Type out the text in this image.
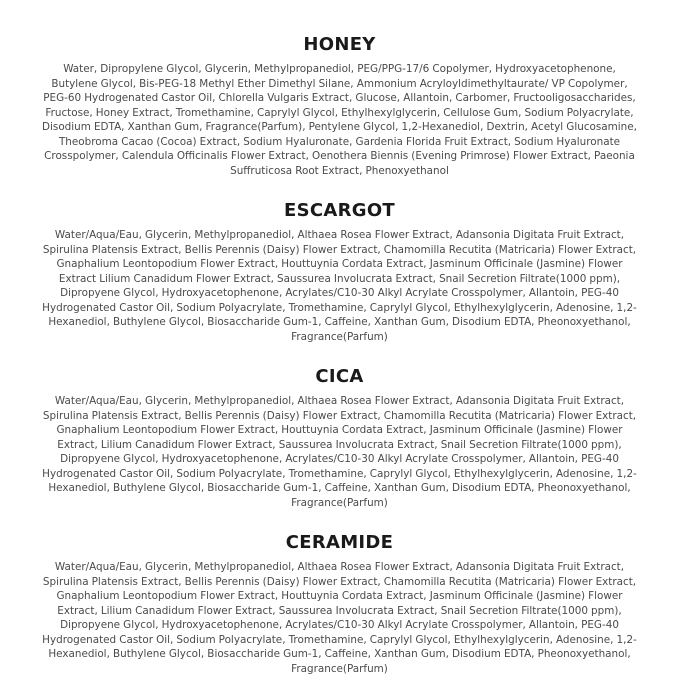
HONEY

Water, Dipropylene Glycol, Glycerin, Methylpropanediol, PEG/PPG-17/6 Copolymer, Hydroxyacetophenone, Butylene Glycol, Bis-PEG-18 Methyl Ether Dimethyl Silane, Ammonium Acryloyldimethyltaurate/ VP Copolymer, PEG-60 Hydrogenated Castor Oil, Chlorella Vulgaris Extract, Glucose, Allantoin, Carbomer, Fructooligosaccharides, Fructose, Honey Extract, Tromethamine, Caprylyl Glycol, Ethylhexylglycerin, Cellulose Gum, Sodium Polyacrylate, Disodium EDTA, Xanthan Gum, Fragrance(Parfum), Pentylene Glycol, 1,2-Hexanediol, Dextrin, Acetyl Glucosamine, Theobroma Cacao (Cocoa) Extract, Sodium Hyaluronate, Gardenia Florida Fruit Extract, Sodium Hyaluronate Crosspolymer, Calendula Officinalis Flower Extract, Oenothera Biennis (Evening Primrose) Flower Extract, Paeonia Suffruticosa Root Extract, Phenoxyethanol

ESCARGOT

Water/Aqua/Eau, Glycerin, Methylpropanediol, Althaea Rosea Flower Extract, Adansonia Digitata Fruit Extract, Spirulina Platensis Extract, Bellis Perennis (Daisy) Flower Extract, Chamomilla Recutita (Matricaria) Flower Extract, Gnaphalium Leontopodium Flower Extract, Houttuynia Cordata Extract, Jasminum Officinale (Jasmine) Flower Extract Lilium Canadidum Flower Extract, Saussurea Involucrata Extract, Snail Secretion Filtrate(1000 ppm), Dipropyene Glycol, Hydroxyacetophenone, Acrylates/C10-30 Alkyl Acrylate Crosspolymer, Allantoin, PEG-40 Hydrogenated Castor Oil, Sodium Polyacrylate, Tromethamine, Caprylyl Glycol, Ethylhexylglycerin, Adenosine, 1,2-Hexanediol, Buthylene Glycol, Biosaccharide Gum-1, Caffeine, Xanthan Gum, Disodium EDTA, Pheonoxyethanol, Fragrance(Parfum)

CICA

Water/Aqua/Eau, Glycerin, Methylpropanediol, Althaea Rosea Flower Extract, Adansonia Digitata Fruit Extract, Spirulina Platensis Extract, Bellis Perennis (Daisy) Flower Extract, Chamomilla Recutita (Matricaria) Flower Extract, Gnaphalium Leontopodium Flower Extract, Houttuynia Cordata Extract, Jasminum Officinale (Jasmine) Flower Extract, Lilium Canadidum Flower Extract, Saussurea Involucrata Extract, Snail Secretion Filtrate(1000 ppm), Dipropyene Glycol, Hydroxyacetophenone, Acrylates/C10-30 Alkyl Acrylate Crosspolymer, Allantoin, PEG-40 Hydrogenated Castor Oil, Sodium Polyacrylate, Tromethamine, Caprylyl Glycol, Ethylhexylglycerin, Adenosine, 1,2-Hexanediol, Buthylene Glycol, Biosaccharide Gum-1, Caffeine, Xanthan Gum, Disodium EDTA, Pheonoxyethanol, Fragrance(Parfum)

CERAMIDE

Water/Aqua/Eau, Glycerin, Methylpropanediol, Althaea Rosea Flower Extract, Adansonia Digitata Fruit Extract, Spirulina Platensis Extract, Bellis Perennis (Daisy) Flower Extract, Chamomilla Recutita (Matricaria) Flower Extract, Gnaphalium Leontopodium Flower Extract, Houttuynia Cordata Extract, Jasminum Officinale (Jasmine) Flower Extract, Lilium Canadidum Flower Extract, Saussurea Involucrata Extract, Snail Secretion Filtrate(1000 ppm), Dipropyene Glycol, Hydroxyacetophenone, Acrylates/C10-30 Alkyl Acrylate Crosspolymer, Allantoin, PEG-40 Hydrogenated Castor Oil, Sodium Polyacrylate, Tromethamine, Caprylyl Glycol, Ethylhexylglycerin, Adenosine, 1,2-Hexanediol, Buthylene Glycol, Biosaccharide Gum-1, Caffeine, Xanthan Gum, Disodium EDTA, Pheonoxyethanol, Fragrance(Parfum)
